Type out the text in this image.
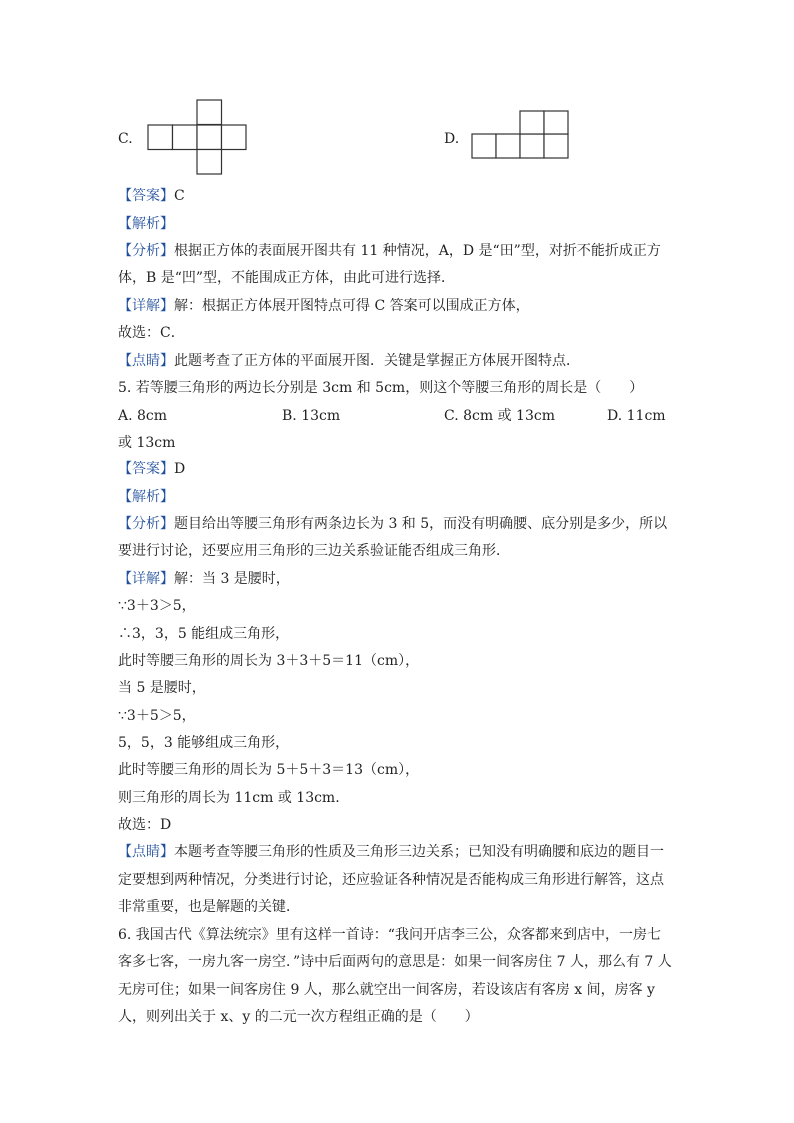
C.	D.
【答案】C
【解析】
【分析】根据正方体的表面展开图共有 11 种情况，A，D 是“田”型，对折不能折成正方
体，B 是“凹”型，不能围成正方体，由此可进行选择．
【详解】解：根据正方体展开图特点可得 C 答案可以围成正方体，
故选：C．
【点睛】此题考查了正方体的平面展开图．关键是掌握正方体展开图特点．
5. 若等腰三角形的两边长分别是 3cm 和 5cm，则这个等腰三角形的周长是（　　）
A. 8cm	B. 13cm	C. 8cm 或 13cm	D. 11cm
或 13cm
【答案】D
【解析】
【分析】题目给出等腰三角形有两条边长为 3 和 5，而没有明确腰、底分别是多少，所以
要进行讨论，还要应用三角形的三边关系验证能否组成三角形．
【详解】解：当 3 是腰时，
∵3＋3＞5，
∴3，3，5 能组成三角形，
此时等腰三角形的周长为 3＋3＋5＝11（cm），
当 5 是腰时，
∵3＋5＞5，
5，5，3 能够组成三角形，
此时等腰三角形的周长为 5＋5＋3＝13（cm），
则三角形的周长为 11cm 或 13cm.
故选：D
【点睛】本题考查等腰三角形的性质及三角形三边关系；已知没有明确腰和底边的题目一
定要想到两种情况，分类进行讨论，还应验证各种情况是否能构成三角形进行解答，这点
非常重要，也是解题的关键．
6. 我国古代《算法统宗》里有这样一首诗：“我问开店李三公，众客都来到店中，一房七
客多七客，一房九客一房空．”诗中后面两句的意思是：如果一间客房住 7 人，那么有 7 人
无房可住；如果一间客房住 9 人，那么就空出一间客房，若设该店有客房 x 间，房客 y
人，则列出关于 x、y 的二元一次方程组正确的是（　　）
